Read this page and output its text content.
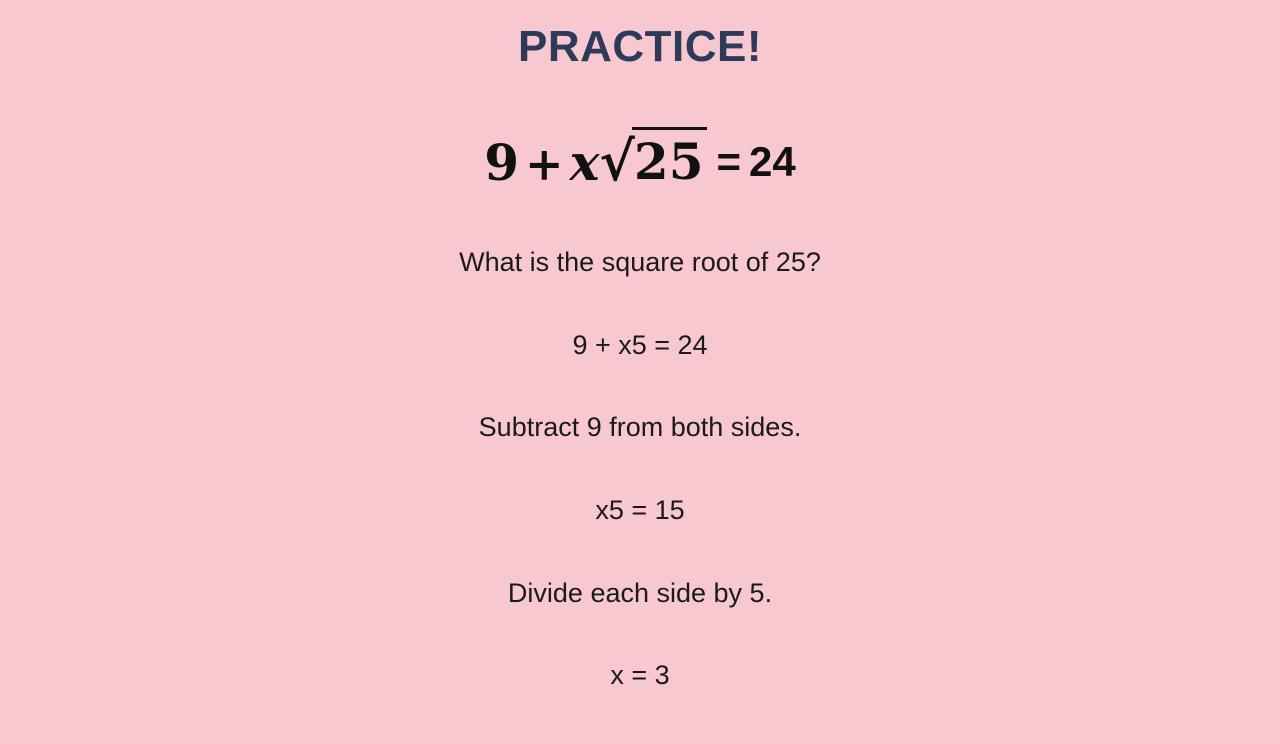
PRACTICE!
9 + x√25 = 24
What is the square root of 25?
9 + x5 = 24
Subtract 9 from both sides.
x5 = 15
Divide each side by 5.
x = 3
